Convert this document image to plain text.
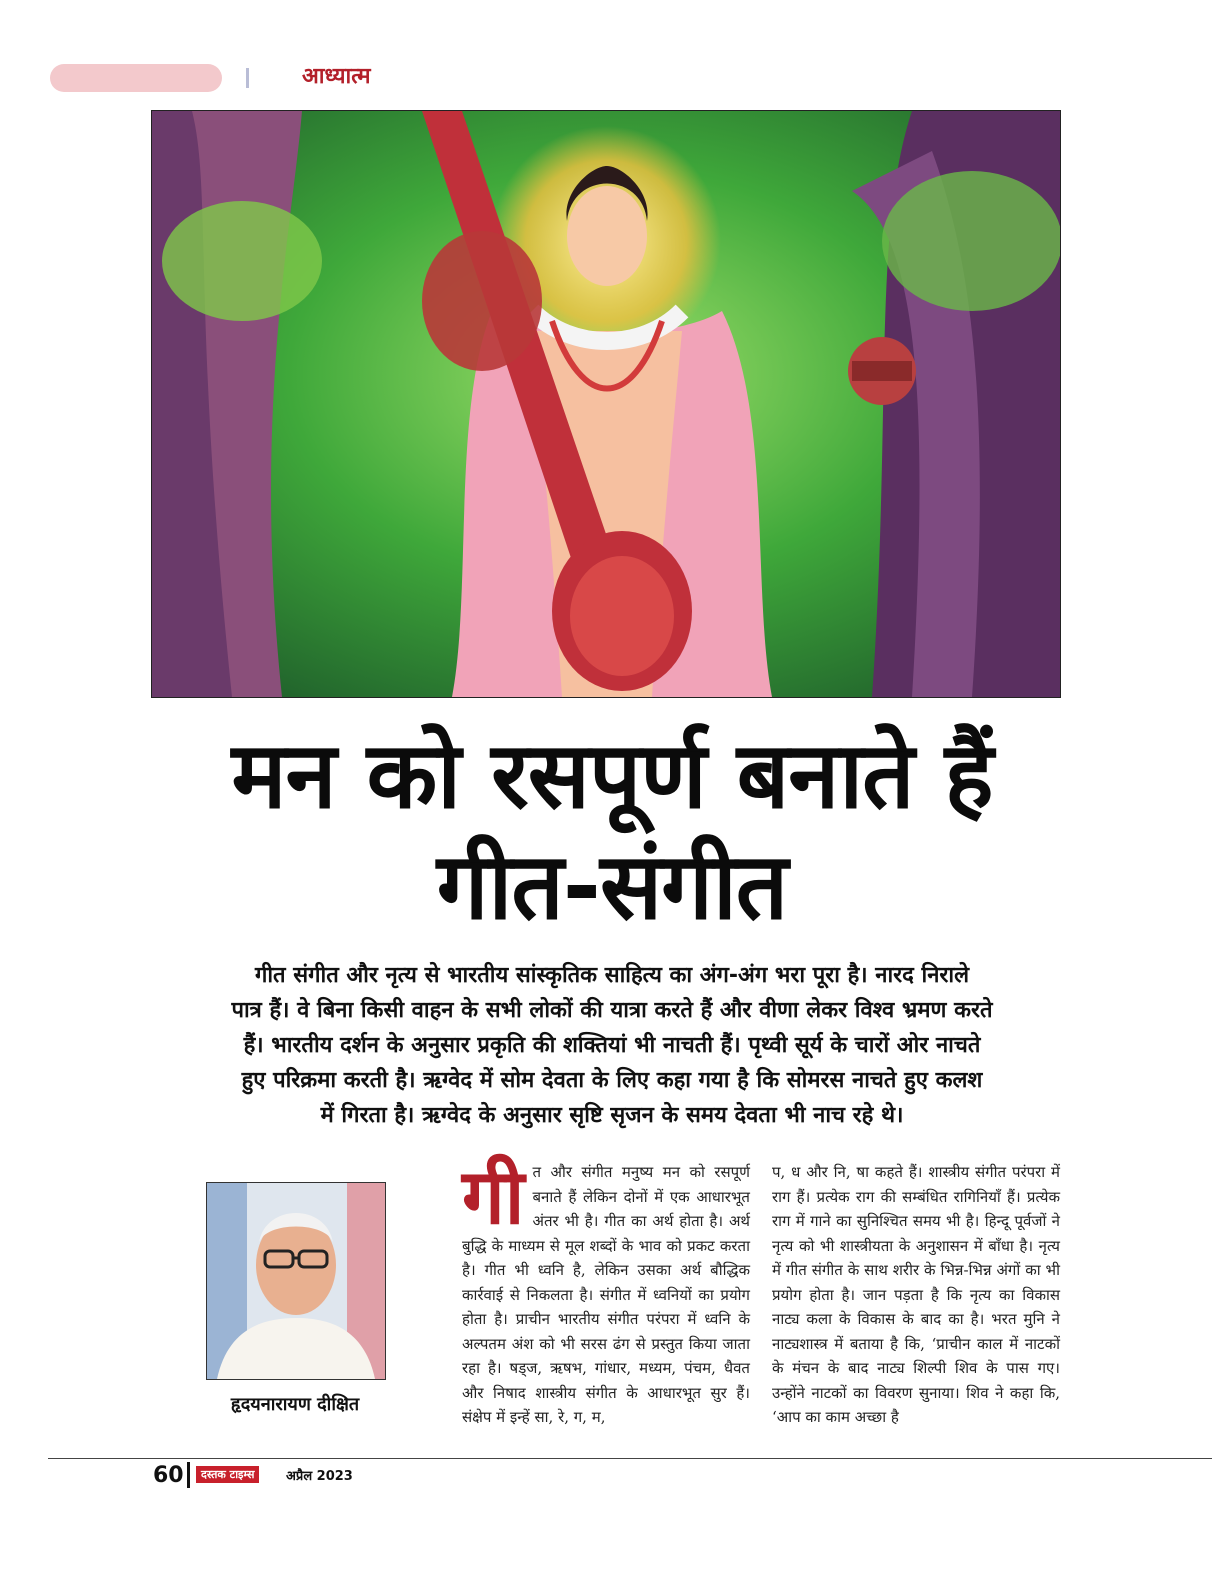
आध्यात्म
मन को रसपूर्ण बनाते हैं
गीत-संगीत
गीत संगीत और नृत्य से भारतीय सांस्कृतिक साहित्य का अंग-अंग भरा पूरा है। नारद निराले
पात्र हैं। वे बिना किसी वाहन के सभी लोकों की यात्रा करते हैं और वीणा लेकर विश्व भ्रमण करते
हैं। भारतीय दर्शन के अनुसार प्रकृति की शक्तियां भी नाचती हैं। पृथ्वी सूर्य के चारों ओर नाचते
हुए परिक्रमा करती है। ऋग्वेद में सोम देवता के लिए कहा गया है कि सोमरस नाचते हुए कलश
में गिरता है। ऋग्वेद के अनुसार सृष्टि सृजन के समय देवता भी नाच रहे थे।
हृदयनारायण दीक्षित
गी त और संगीत मनुष्य मन को रसपूर्ण बनाते हैं लेकिन दोनों में एक आधारभूत अंतर भी है। गीत का अर्थ होता है। अर्थ बुद्धि के माध्यम से मूल शब्दों के भाव को प्रकट करता है। गीत भी ध्वनि है, लेकिन उसका अर्थ बौद्धिक कार्रवाई से निकलता है। संगीत में ध्वनियों का प्रयोग होता है। प्राचीन भारतीय संगीत परंपरा में ध्वनि के अल्पतम अंश को भी सरस ढंग से प्रस्तुत किया जाता रहा है। षड्ज, ऋषभ, गांधार, मध्यम, पंचम, धैवत और निषाद शास्त्रीय संगीत के आधारभूत सुर हैं। संक्षेप में इन्हें सा, रे, ग, म,
प, ध और नि, षा कहते हैं। शास्त्रीय संगीत परंपरा में राग हैं। प्रत्येक राग की सम्बंधित रागिनियाँ हैं। प्रत्येक राग में गाने का सुनिश्चित समय भी है। हिन्दू पूर्वजों ने नृत्य को भी शास्त्रीयता के अनुशासन में बाँधा है। नृत्य में गीत संगीत के साथ शरीर के भिन्न-भिन्न अंगों का भी प्रयोग होता है। जान पड़ता है कि नृत्य का विकास नाट्य कला के विकास के बाद का है। भरत मुनि ने नाट्यशास्त्र में बताया है कि, ‘प्राचीन काल में नाटकों के मंचन के बाद नाट्य शिल्पी शिव के पास गए। उन्होंने नाटकों का विवरण सुनाया। शिव ने कहा कि, ‘आप का काम अच्छा है
60	दस्तक टाइम्स	अप्रैल 2023
